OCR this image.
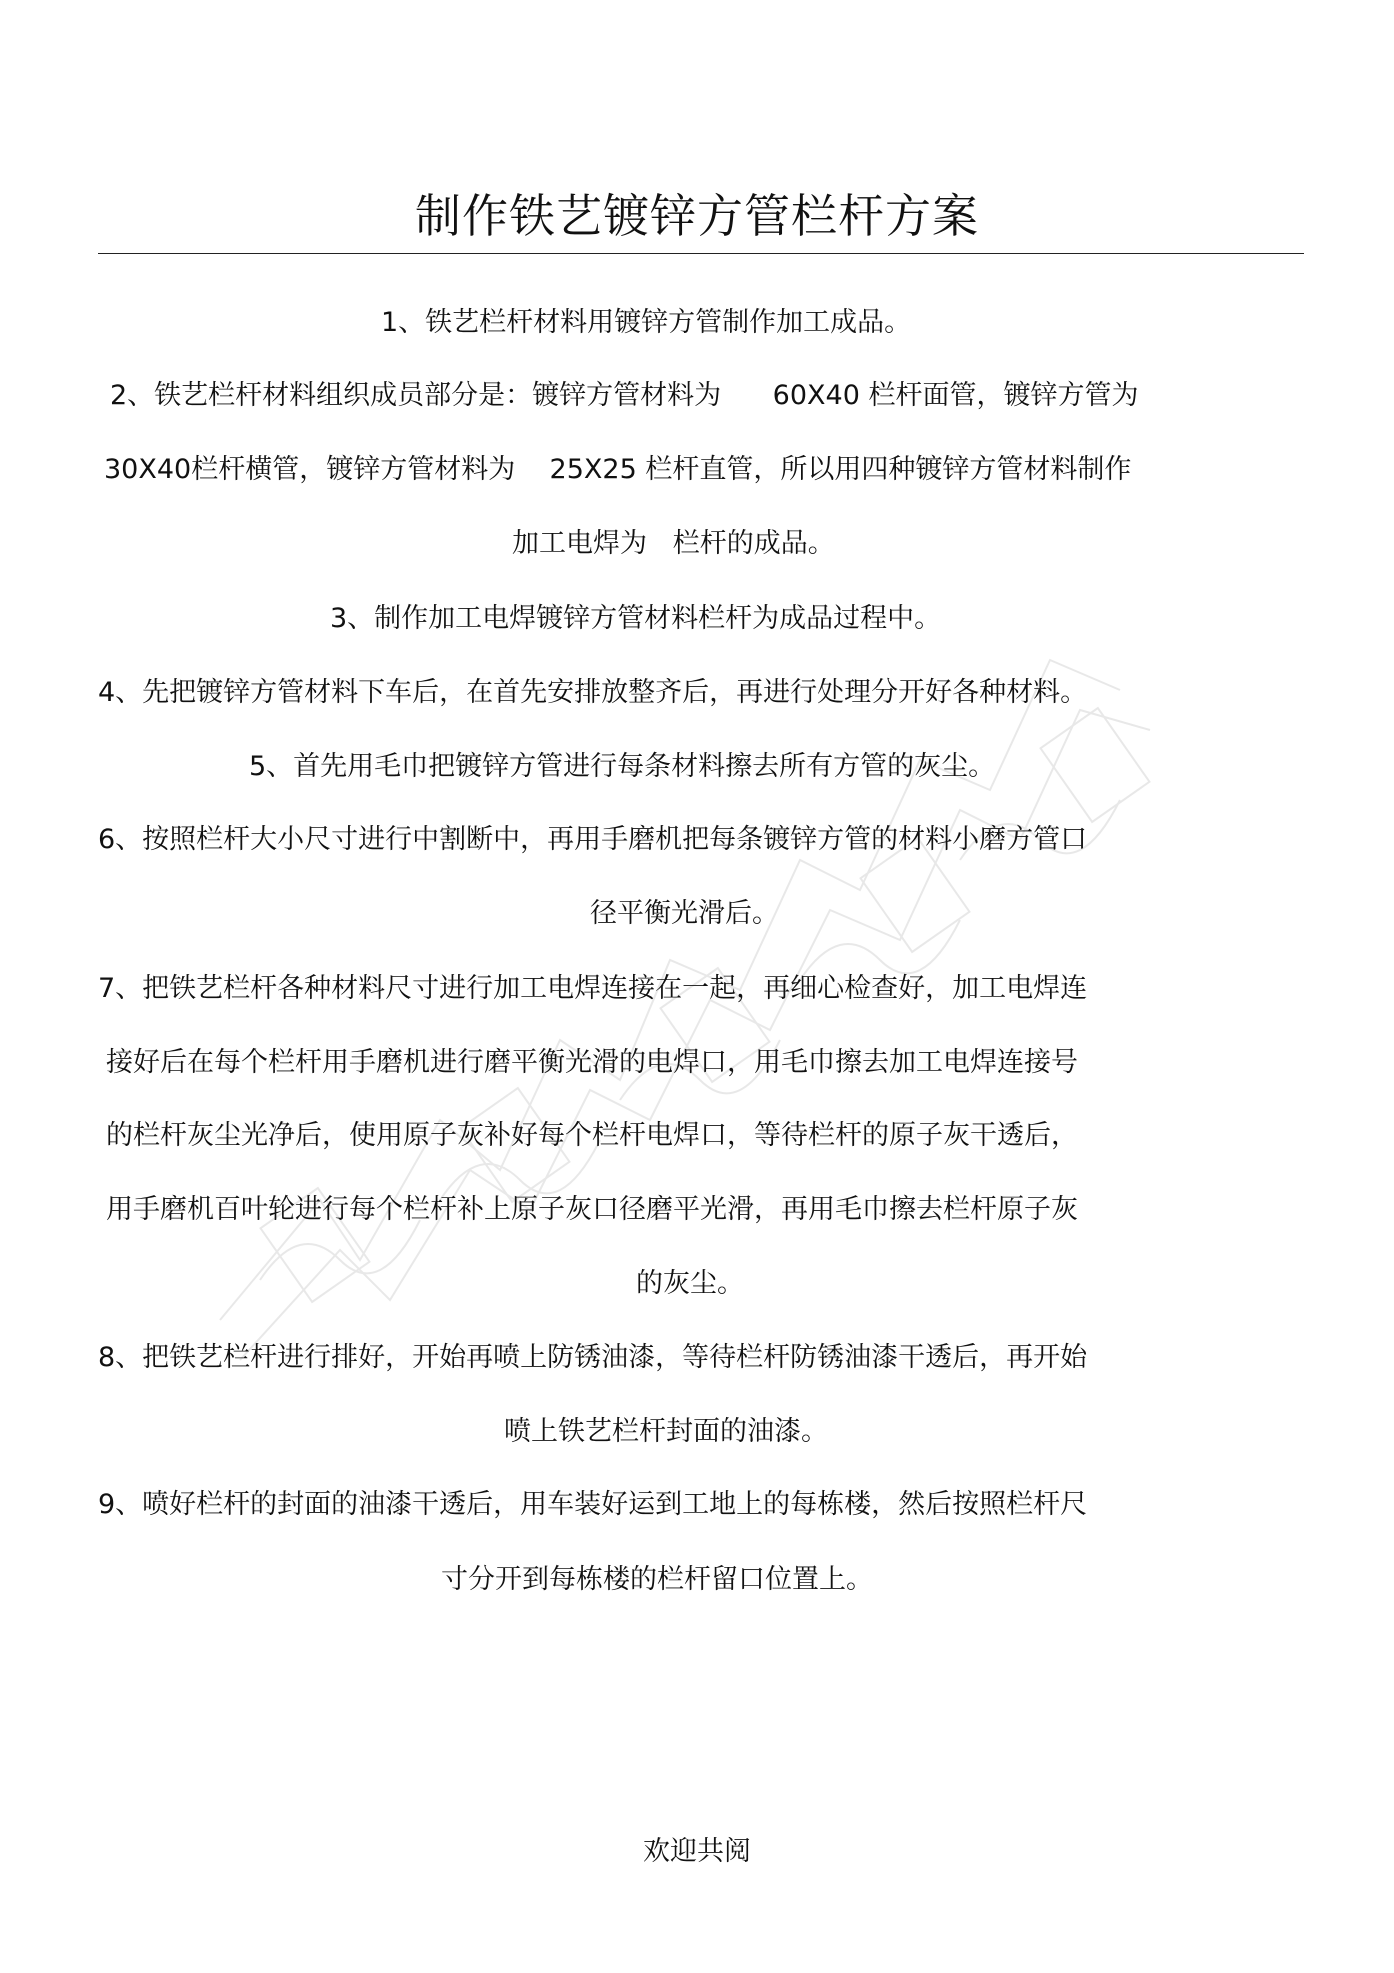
制作铁艺镀锌方管栏杆方案
1、铁艺栏杆材料用镀锌方管制作加工成品。
2、铁艺栏杆材料组织成员部分是：镀锌方管材料为      60X40 栏杆面管，镀锌方管为
30X40栏杆横管，镀锌方管材料为    25X25 栏杆直管，所以用四种镀锌方管材料制作
加工电焊为   栏杆的成品。
3、制作加工电焊镀锌方管材料栏杆为成品过程中。
4、先把镀锌方管材料下车后，在首先安排放整齐后，再进行处理分开好各种材料。
5、首先用毛巾把镀锌方管进行每条材料擦去所有方管的灰尘。
6、按照栏杆大小尺寸进行中割断中，再用手磨机把每条镀锌方管的材料小磨方管口
径平衡光滑后。
7、把铁艺栏杆各种材料尺寸进行加工电焊连接在一起，再细心检查好，加工电焊连
接好后在每个栏杆用手磨机进行磨平衡光滑的电焊口，用毛巾擦去加工电焊连接号
的栏杆灰尘光净后，使用原子灰补好每个栏杆电焊口，等待栏杆的原子灰干透后，
用手磨机百叶轮进行每个栏杆补上原子灰口径磨平光滑，再用毛巾擦去栏杆原子灰
的灰尘。
8、把铁艺栏杆进行排好，开始再喷上防锈油漆，等待栏杆防锈油漆干透后，再开始
喷上铁艺栏杆封面的油漆。
9、喷好栏杆的封面的油漆干透后，用车装好运到工地上的每栋楼，然后按照栏杆尺
寸分开到每栋楼的栏杆留口位置上。
欢迎共阅
